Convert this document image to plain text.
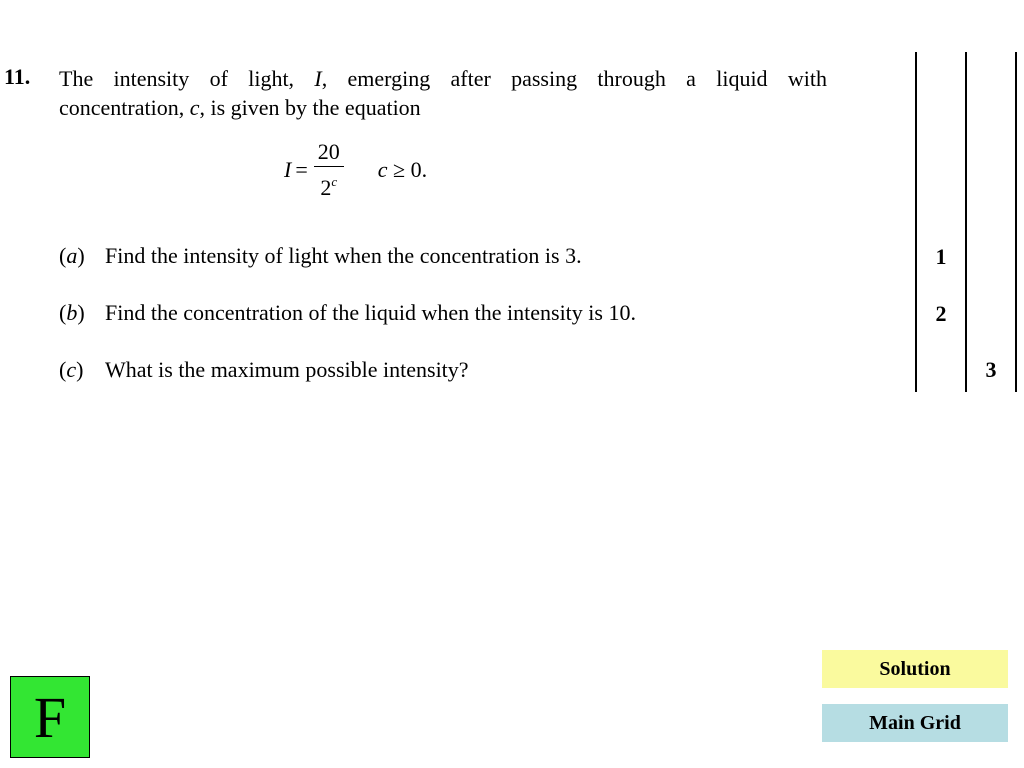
11. The intensity of light, I, emerging after passing through a liquid with
concentration, c, is given by the equation
$I = \frac{20}{2^c}$ c ≥ 0.
(a) Find the intensity of light when the concentration is 3.
(b) Find the concentration of the liquid when the intensity is 10.
(c) What is the maximum possible intensity?
1
2
3
F
Solution
Main Grid
